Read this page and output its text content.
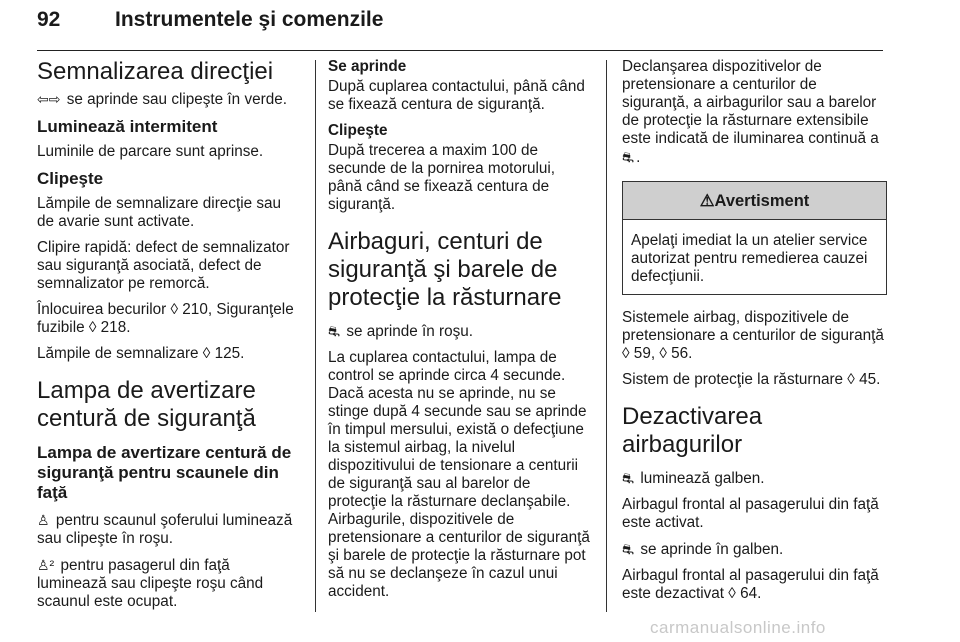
92	Instrumentele şi comenzile
Semnalizarea direcţiei

⇦⇨ se aprinde sau clipeşte în verde.

Luminează intermitent

Luminile de parcare sunt aprinse.

Clipeşte

Lămpile de semnalizare direcţie sau de avarie sunt activate.

Clipire rapidă: defect de semnalizator sau siguranţă asociată, defect de semnalizator pe remorcă.

Înlocuirea becurilor ◊ 210, Siguranţele fuzibile ◊ 218.

Lămpile de semnalizare ◊ 125.

Lampa de avertizare centură de siguranţă
Lampa de avertizare centură de siguranţă pentru scaunele din faţă

♙ pentru scaunul şoferului luminează sau clipeşte în roşu.

♙² pentru pasagerul din faţă luminează sau clipeşte roşu când scaunul este ocupat.

Se aprinde

După cuplarea contactului, până când se fixează centura de siguranţă.

Clipeşte

După trecerea a maxim 100 de secunde de la pornirea motorului, până când se fixează centura de siguranţă.

Airbaguri, centuri de siguranţă şi barele de protecţie la răsturnare

⛐ se aprinde în roşu.

La cuplarea contactului, lampa de control se aprinde circa 4 secunde. Dacă acesta nu se aprinde, nu se stinge după 4 secunde sau se aprinde în timpul mersului, există o defecţiune la sistemul airbag, la nivelul dispozitivului de tensionare a centurii de siguranţă sau al barelor de protecţie la răsturnare declanşabile. Airbagurile, dispozitivele de pretensionare a centurilor de siguranţă şi barele de protecţie la răsturnare pot să nu se declanşeze în cazul unui accident.

Declanşarea dispozitivelor de pretensionare a centurilor de siguranţă, a airbagurilor sau a barelor de protecţie la răsturnare extensibile este indicată de iluminarea continuă a ⛐ .

⚠Avertisment
Apelaţi imediat la un atelier service autorizat pentru remedierea cauzei defecţiunii.

Sistemele airbag, dispozitivele de pretensionare a centurilor de siguranţă ◊ 59, ◊ 56.

Sistem de protecţie la răsturnare ◊ 45.

Dezactivarea airbagurilor

⛐ luminează galben.

Airbagul frontal al pasagerului din faţă este activat.

⛐ se aprinde în galben.

Airbagul frontal al pasagerului din faţă este dezactivat ◊ 64.

carmanualsonline.info
